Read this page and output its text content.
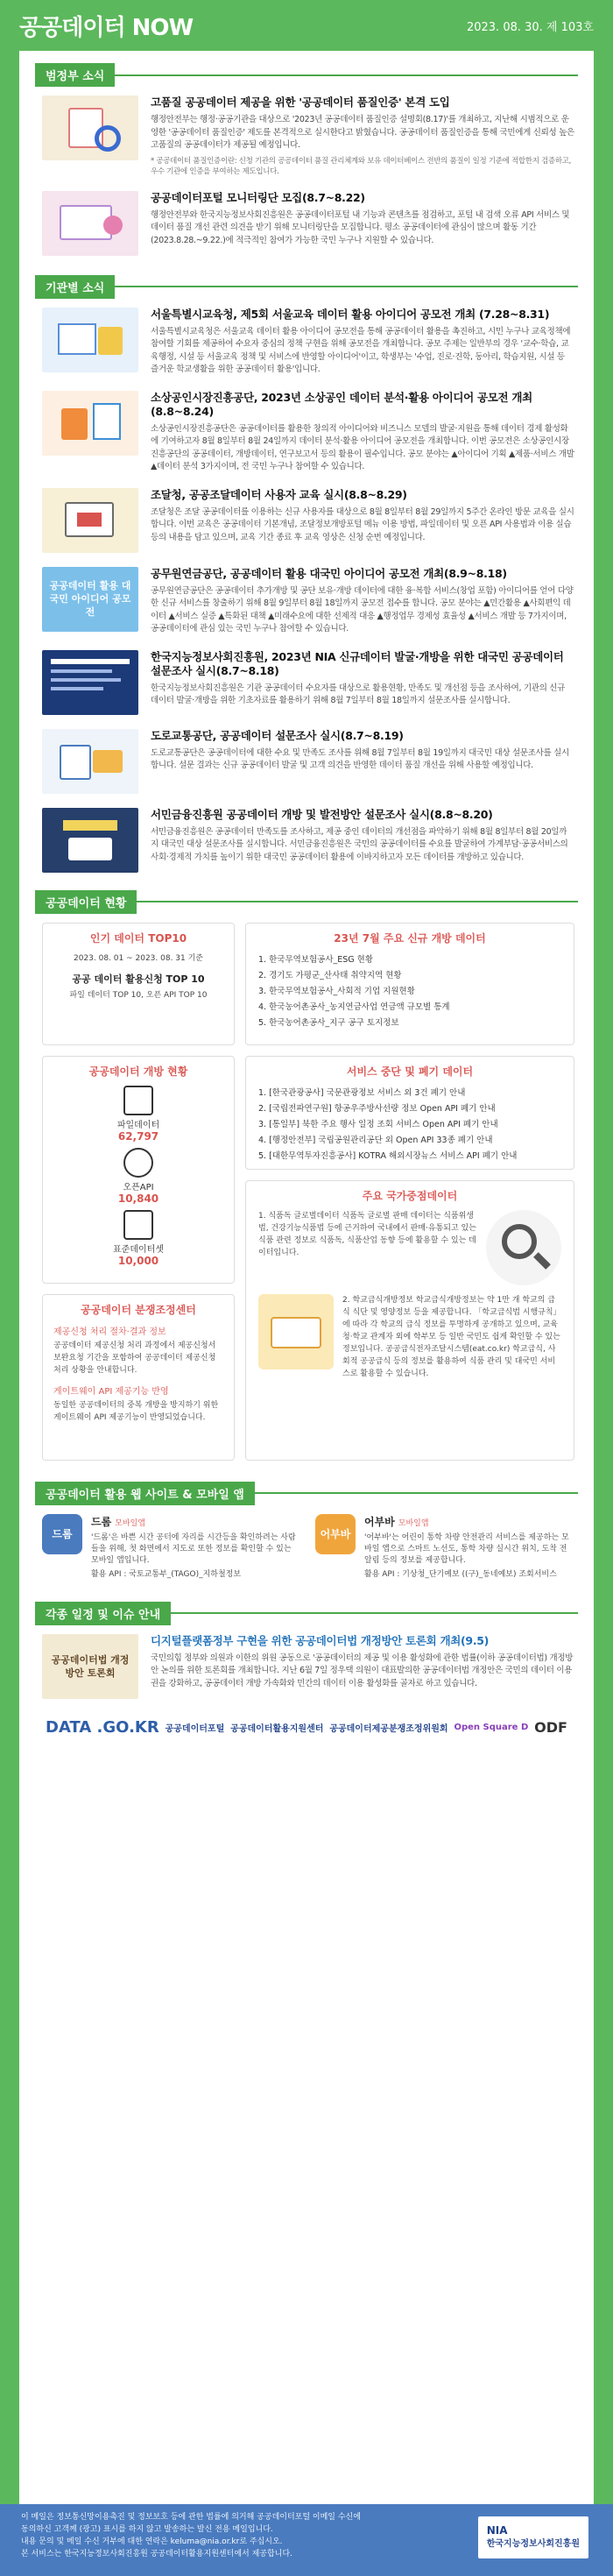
공공데이터 NOW	2023. 08. 30. 제 103호
범정부 소식
고품질 공공데이터 제공을 위한 '공공데이터 품질인증' 본격 도입

행정안전부는 행정·공공기관을 대상으로 '2023년 공공데이터 품질인증 설명회(8.17)'를 개최하고, 지난해 시범적으로 운영한 '공공데이터 품질인증' 제도를 본격적으로 실시한다고 밝혔습니다. 공공데이터 품질인증을 통해 국민에게 신뢰성 높은 고품질의 공공데이터가 제공될 예정입니다.

* 공공데이터 품질인증이란: 신청 기관의 공공데이터 품질 관리체계와 보유 데이터베이스 전반의 품질이 일정 기준에 적합한지 검증하고, 우수 기관에 인증을 부여하는 제도입니다.

공공데이터포털 모니터링단 모집(8.7~8.22)

행정안전부와 한국지능정보사회진흥원은 공공데이터포털 내 기능과 콘텐츠를 점검하고, 포털 내 검색 오류 API 서비스 및 데이터 품질 개선 관련 의견을 받기 위해 모니터링단을 모집합니다. 평소 공공데이터에 관심이 많으며 활동 기간(2023.8.28.~9.22.)에 적극적인 참여가 가능한 국민 누구나 지원할 수 있습니다.

기관별 소식
서울특별시교육청, 제5회 서울교육 데이터 활용 아이디어 공모전 개최 (7.28~8.31)

서울특별시교육청은 서울교육 데이터 활용 아이디어 공모전을 통해 공공데이터 활용을 촉진하고, 시민 누구나 교육정책에 참여할 기회를 제공하여 수요자 중심의 정책 구현을 위해 공모전을 개최합니다. 공모 주제는 일반부의 경우 '교수·학습, 교육행정, 시설 등 서울교육 정책 및 서비스에 반영할 아이디어'이고, 학생부는 '수업, 진로·진학, 동아리, 학습지원, 시설 등 즐거운 학교생활을 위한 공공데이터 활용'입니다.

소상공인시장진흥공단, 2023년 소상공인 데이터 분석·활용 아이디어 공모전 개최 (8.8~8.24)

소상공인시장진흥공단은 공공데이터를 활용한 창의적 아이디어와 비즈니스 모델의 발굴·지원을 통해 데이터 경제 활성화에 기여하고자 8월 8일부터 8월 24일까지 데이터 분석·활용 아이디어 공모전을 개최합니다. 이번 공모전은 소상공인시장진흥공단의 공공데이터, 개방데이터, 연구보고서 등의 활용이 필수입니다. 공모 분야는 ▲아이디어 기획 ▲제품·서비스 개발 ▲데이터 분석 3가지이며, 전 국민 누구나 참여할 수 있습니다.

조달청, 공공조달데이터 사용자 교육 실시(8.8~8.29)

조달청은 조달 공공데이터를 이용하는 신규 사용자를 대상으로 8월 8일부터 8월 29일까지 5주간 온라인 방문 교육을 실시합니다. 이번 교육은 공공데이터 기본개념, 조달정보개방포털 메뉴 이용 방법, 파일데이터 및 오픈 API 사용법과 이용 실습 등의 내용을 담고 있으며, 교육 기간 종료 후 교육 영상은 신청 순번 예정입니다.

공공데이터 활용 대국민 아이디어 공모전
공무원연금공단, 공공데이터 활용 대국민 아이디어 공모전 개최(8.9~8.18)

공무원연금공단은 공공데이터 추가개방 및 공단 보유·개방 데이터에 대한 융·복합 서비스(창업 포함) 아이디어를 얻어 다양한 신규 서비스를 창출하기 위해 8월 9일부터 8월 18일까지 공모전 접수를 합니다. 공모 분야는 ▲민간활용 ▲사회편익 데이터 ▲서비스 실증 ▲특화된 대책 ▲미래수요에 대한 선제적 대응 ▲행정업무 경제성 효율성 ▲서비스 개발 등 7가지이며, 공공데이터에 관심 있는 국민 누구나 참여할 수 있습니다.

한국지능정보사회진흥원, 2023년 NIA 신규데이터 발굴·개방을 위한 대국민 공공데이터 설문조사 실시(8.7~8.18)

한국지능정보사회진흥원은 기관 공공데이터 수요자를 대상으로 활용현황, 만족도 및 개선점 등을 조사하여, 기관의 신규 데이터 발굴·개방을 위한 기초자료를 활용하기 위해 8월 7일부터 8월 18일까지 설문조사를 실시합니다.

도로교통공단, 공공데이터 설문조사 실시(8.7~8.19)

도로교통공단은 공공데이터에 대한 수요 및 만족도 조사를 위해 8월 7일부터 8월 19일까지 대국민 대상 설문조사를 실시합니다. 설문 결과는 신규 공공데이터 발굴 및 고객 의견을 반영한 데이터 품질 개선을 위해 사용할 예정입니다.

서민금융진흥원 공공데이터 개방 및 발전방안 설문조사 실시(8.8~8.20)

서민금융진흥원은 공공데이터 만족도를 조사하고, 제공 중인 데이터의 개선점을 파악하기 위해 8월 8일부터 8월 20일까지 대국민 대상 설문조사를 실시합니다. 서민금융진흥원은 국민의 공공데이터를 수요를 발굴하여 가계부담·공공서비스의 사회·경제적 가치를 높이기 위한 대국민 공공데이터 활용에 이바지하고자 모든 데이터를 개방하고 있습니다.

공공데이터 현황
인기 데이터 TOP10
2023. 08. 01 ~ 2023. 08. 31 기준
공공 데이터 활용신청 TOP 10
파일 데이터 TOP 10, 오픈 API TOP 10
23년 7월 주요 신규 개방 데이터
1. 한국무역보험공사_ESG 현황
2. 경기도 가평군_산사태 취약지역 현황
3. 한국무역보험공사_사회적 기업 지원현황
4. 한국농어촌공사_농지연금사업 연금액 규모별 통계
5. 한국농어촌공사_지구 공구 토지정보
공공데이터 개방 현황
파일데이터
62,797
오픈API
10,840
표준데이터셋
10,000
공공데이터 분쟁조정센터
제공신청 처리 절차·결과 정보
공공데이터 제공신청 처리 과정에서 제공신청서 보완요청 기간을 포함하여 공공데이터 제공신청 처리 상황을 안내합니다.
게이트웨이 API 제공기능 반영
동일한 공공데이터의 중복 개방을 방지하기 위한 게이트웨이 API 제공기능이 반영되었습니다.
서비스 중단 및 폐기 데이터
1. [한국관광공사] 국문관광정보 서비스 외 3건 폐기 안내
2. [국립전파연구원] 항공우주방사선량 정보 Open API 폐기 안내
3. [통일부] 북한 주요 행사 일정 조회 서비스 Open API 폐기 안내
4. [행정안전부] 국립공원관리공단 외 Open API 33종 폐기 안내
5. [대한무역투자진흥공사] KOTRA 해외시장뉴스 서비스 API 폐기 안내
주요 국가중점데이터
1. 식품독 글로벌데이터 식품독 글로벌 판매 데이터는 식품위생법, 건강기능식품법 등에 근거하여 국내에서 판매·유통되고 있는 식품 관련 정보로 식품독, 식품산업 동향 등에 활용할 수 있는 데이터입니다.
2. 학교급식개방정보 학교급식개방정보는 약 1만 개 학교의 급식 식단 및 영양정보 등을 제공합니다. 「학교급식법 시행규칙」에 따라 각 학교의 급식 정보를 투명하게 공개하고 있으며, 교육청·학교 관계자 외에 학부모 등 일반 국민도 쉽게 확인할 수 있는 정보입니다. 공공급식전자조달시스템(eat.co.kr) 학교급식, 사회적 공공급식 등의 정보를 활용하여 식품 관리 및 대국민 서비스로 활용할 수 있습니다.
공공데이터 활용 웹 사이트 & 모바일 앱
드롬
드롬 모바일앱

'드롬'은 바쁜 시간 공터에 자리를 시간등을 확인하려는 사람들을 위해, 첫 화면에서 지도로 또한 정보를 확인할 수 있는 모바일 앱입니다.

활용 API : 국토교통부_(TAGO)_지하철정보

어부바
어부바 모바일앱

'어부바'는 어린이 통학 차량 안전관리 서비스를 제공하는 모바일 앱으로 스마트 노선도, 통학 차량 실시간 위치, 도착 전 알림 등의 정보를 제공합니다.

활용 API : 기상청_단기예보 ((구)_동네예보) 조회서비스

각종 일정 및 이슈 안내
공공데이터법 개정방안 토론회
디지털플랫폼정부 구현을 위한 공공데이터법 개정방안 토론회 개최(9.5)

국민의힘 정부와 의원과 이한의 위원 공동으로 '공공데이터의 제공 및 이용 활성화에 관한 법률(이하 공공데이터법) 개정방안 논의를 위한 토론회를 개최합니다. 지난 6월 7일 정우택 의원이 대표발의한 공공데이터법 개정안은 국민의 데이터 이용권을 강화하고, 공공데이터 개방 가속화와 민간의 데이터 이용 활성화를 골자로 하고 있습니다.

DATA .GO.KR 공공데이터포털 공공데이터활용지원센터 공공데이터제공분쟁조정위원회 Open Square D ODF
이 메일은 정보통신망이용촉진 및 정보보호 등에 관한 법률에 의거해 공공데이터포털 이메일 수신에
동의하신 고객께 (광고) 표시를 하지 않고 발송하는 발신 전용 메일입니다.
내용 문의 및 메일 수신 거부에 대한 연락은 keluma@nia.or.kr로 주십시오.
본 서비스는 한국지능정보사회진흥원 공공데이터활용지원센터에서 제공합니다.
NIA
한국지능정보사회진흥원
